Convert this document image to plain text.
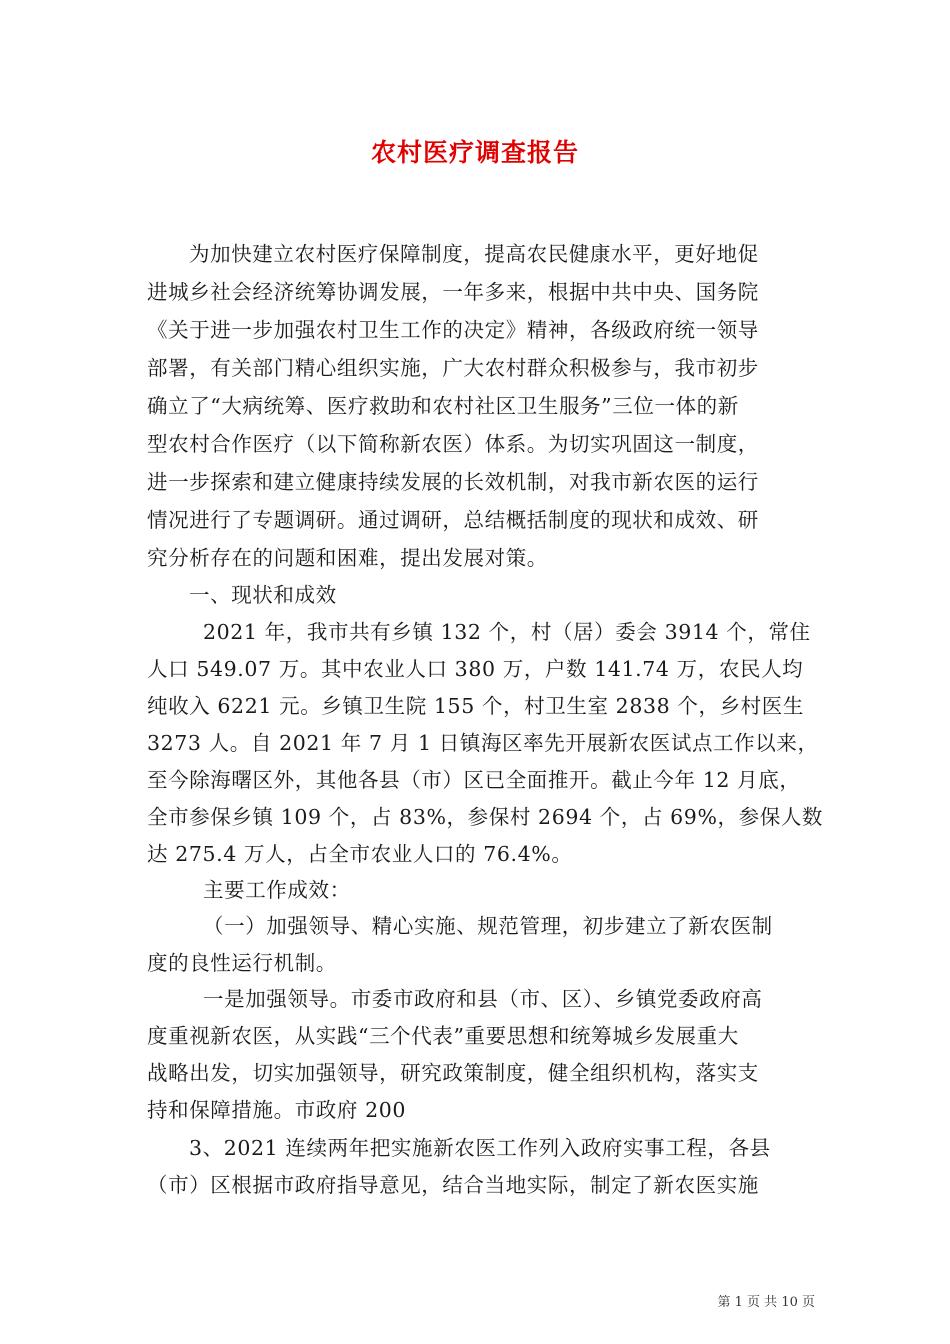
农村医疗调查报告
为加快建立农村医疗保障制度，提高农民健康水平，更好地促
进城乡社会经济统筹协调发展，一年多来，根据中共中央、国务院
《关于进一步加强农村卫生工作的决定》精神，各级政府统一领导
部署，有关部门精心组织实施，广大农村群众积极参与，我市初步
确立了“大病统筹、医疗救助和农村社区卫生服务”三位一体的新
型农村合作医疗（以下简称新农医）体系。为切实巩固这一制度，
进一步探索和建立健康持续发展的长效机制，对我市新农医的运行
情况进行了专题调研。通过调研，总结概括制度的现状和成效、研
究分析存在的问题和困难，提出发展对策。
一、现状和成效
2021 年，我市共有乡镇 132 个，村（居）委会 3914 个，常住
人口 549.07 万。其中农业人口 380 万，户数 141.74 万，农民人均
纯收入 6221 元。乡镇卫生院 155 个，村卫生室 2838 个，乡村医生
3273 人。自 2021 年 7 月 1 日镇海区率先开展新农医试点工作以来，
至今除海曙区外，其他各县（市）区已全面推开。截止今年 12 月底，
全市参保乡镇 109 个，占 83%，参保村 2694 个，占 69%，参保人数
达 275.4 万人，占全市农业人口的 76.4%。
主要工作成效：
（一）加强领导、精心实施、规范管理，初步建立了新农医制
度的良性运行机制。
一是加强领导。市委市政府和县（市、区）、乡镇党委政府高
度重视新农医，从实践“三个代表”重要思想和统筹城乡发展重大
战略出发，切实加强领导，研究政策制度，健全组织机构，落实支
持和保障措施。市政府 200
3、2021 连续两年把实施新农医工作列入政府实事工程，各县
（市）区根据市政府指导意见，结合当地实际，制定了新农医实施
第 1 页 共 10 页
